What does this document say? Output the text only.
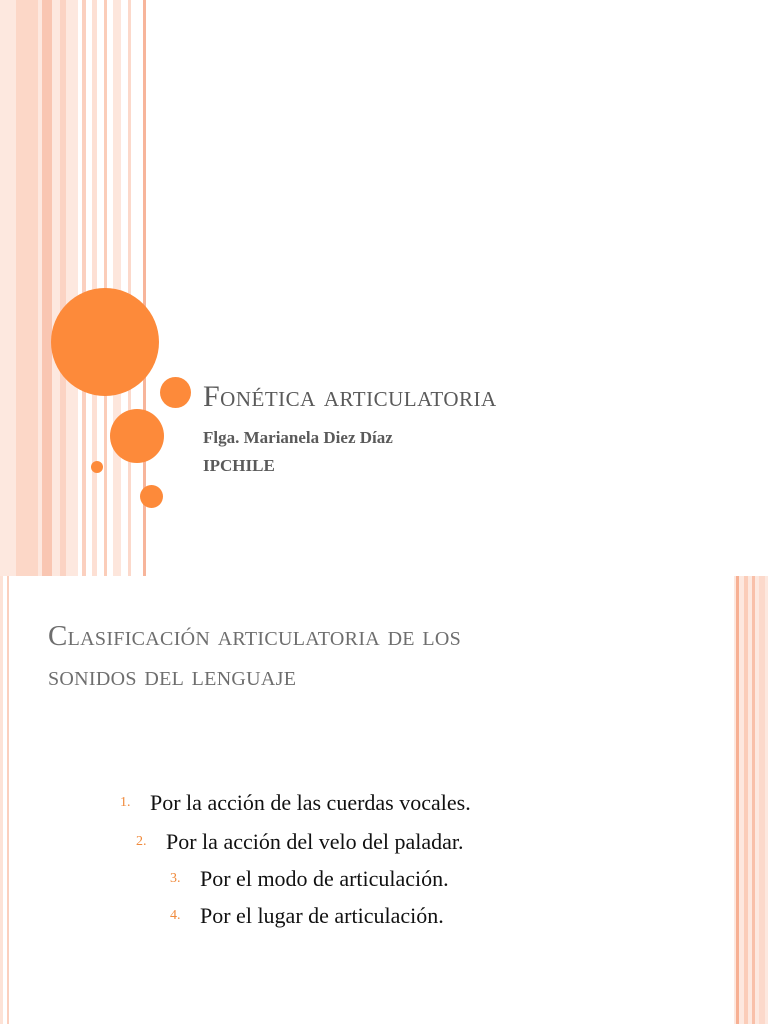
Fonética articulatoria
Flga. Marianela Diez Díaz
IPCHILE
Clasificación articulatoria de los
sonidos del lenguaje
1. Por la acción de las cuerdas vocales.
2. Por la acción del velo del paladar.
3. Por el modo de articulación.
4. Por el lugar de articulación.
